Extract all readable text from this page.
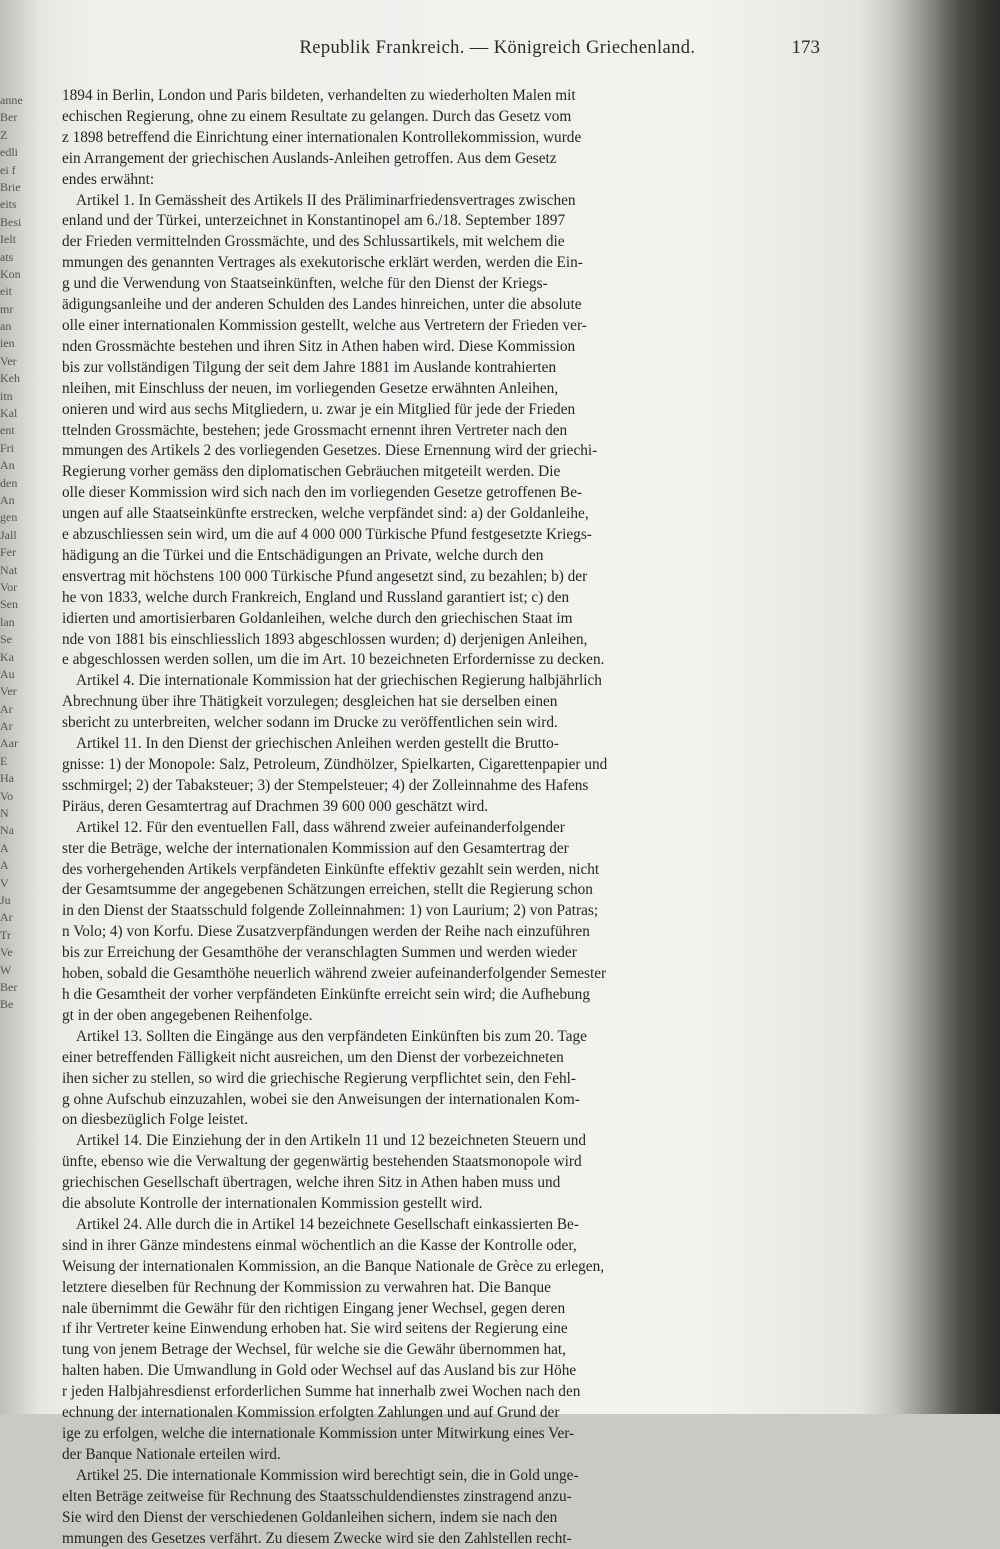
anne
Ber
Z
edli
ei f
Brie
eits
Besi
Ielt
ats
Kon
eit
mr
an
ien
Ver
Keh
itn
Kal
ent
Fri
An
den
An
gen
Jall
Fer
Nat
Vor
Sen
lan
Se
Ka
Au
Ver
Ar
Ar
Aar
E
Ha
Vo
N
Na
A
A
V
Ju
Ar
Tr
Ve
W
Ber
Be
Republik Frankreich. — Königreich Griechenland.	173
1894 in Berlin, London und Paris bildeten, verhandelten zu wiederholten Malen mit
echischen Regierung, ohne zu einem Resultate zu gelangen. Durch das Gesetz vom
z 1898 betreffend die Einrichtung einer internationalen Kontrollekommission, wurde
ein Arrangement der griechischen Auslands-Anleihen getroffen. Aus dem Gesetz
endes erwähnt:
Artikel 1. In Gemässheit des Artikels II des Präliminarfriedensvertrages zwischen
enland und der Türkei, unterzeichnet in Konstantinopel am 6./18. September 1897
der Frieden vermittelnden Grossmächte, und des Schlussartikels, mit welchem die
mmungen des genannten Vertrages als exekutorische erklärt werden, werden die Ein-
g und die Verwendung von Staatseinkünften, welche für den Dienst der Kriegs-
ädigungsanleihe und der anderen Schulden des Landes hinreichen, unter die absolute
olle einer internationalen Kommission gestellt, welche aus Vertretern der Frieden ver-
nden Grossmächte bestehen und ihren Sitz in Athen haben wird. Diese Kommission
bis zur vollständigen Tilgung der seit dem Jahre 1881 im Auslande kontrahierten
nleihen, mit Einschluss der neuen, im vorliegenden Gesetze erwähnten Anleihen,
onieren und wird aus sechs Mitgliedern, u. zwar je ein Mitglied für jede der Frieden
ttelnden Grossmächte, bestehen; jede Grossmacht ernennt ihren Vertreter nach den
mmungen des Artikels 2 des vorliegenden Gesetzes. Diese Ernennung wird der griechi-
Regierung vorher gemäss den diplomatischen Gebräuchen mitgeteilt werden. Die
olle dieser Kommission wird sich nach den im vorliegenden Gesetze getroffenen Be-
ungen auf alle Staatseinkünfte erstrecken, welche verpfändet sind: a) der Goldanleihe,
e abzuschliessen sein wird, um die auf 4 000 000 Türkische Pfund festgesetzte Kriegs-
hädigung an die Türkei und die Entschädigungen an Private, welche durch den
ensvertrag mit höchstens 100 000 Türkische Pfund angesetzt sind, zu bezahlen; b) der
he von 1833, welche durch Frankreich, England und Russland garantiert ist; c) den
idierten und amortisierbaren Goldanleihen, welche durch den griechischen Staat im
nde von 1881 bis einschliesslich 1893 abgeschlossen wurden; d) derjenigen Anleihen,
e abgeschlossen werden sollen, um die im Art. 10 bezeichneten Erfordernisse zu decken.
Artikel 4. Die internationale Kommission hat der griechischen Regierung halbjährlich
Abrechnung über ihre Thätigkeit vorzulegen; desgleichen hat sie derselben einen
sbericht zu unterbreiten, welcher sodann im Drucke zu veröffentlichen sein wird.
Artikel 11. In den Dienst der griechischen Anleihen werden gestellt die Brutto-
gnisse: 1) der Monopole: Salz, Petroleum, Zündhölzer, Spielkarten, Cigarettenpapier und
sschmirgel; 2) der Tabaksteuer; 3) der Stempelsteuer; 4) der Zolleinnahme des Hafens
Piräus, deren Gesamtertrag auf Drachmen 39 600 000 geschätzt wird.
Artikel 12. Für den eventuellen Fall, dass während zweier aufeinanderfolgender
ster die Beträge, welche der internationalen Kommission auf den Gesamtertrag der
des vorhergehenden Artikels verpfändeten Einkünfte effektiv gezahlt sein werden, nicht
der Gesamtsumme der angegebenen Schätzungen erreichen, stellt die Regierung schon
in den Dienst der Staatsschuld folgende Zolleinnahmen: 1) von Laurium; 2) von Patras;
n Volo; 4) von Korfu. Diese Zusatzverpfändungen werden der Reihe nach einzuführen
bis zur Erreichung der Gesamthöhe der veranschlagten Summen und werden wieder
hoben, sobald die Gesamthöhe neuerlich während zweier aufeinanderfolgender Semester
h die Gesamtheit der vorher verpfändeten Einkünfte erreicht sein wird; die Aufhebung
gt in der oben angegebenen Reihenfolge.
Artikel 13. Sollten die Eingänge aus den verpfändeten Einkünften bis zum 20. Tage
einer betreffenden Fälligkeit nicht ausreichen, um den Dienst der vorbezeichneten
ihen sicher zu stellen, so wird die griechische Regierung verpflichtet sein, den Fehl-
g ohne Aufschub einzuzahlen, wobei sie den Anweisungen der internationalen Kom-
on diesbezüglich Folge leistet.
Artikel 14. Die Einziehung der in den Artikeln 11 und 12 bezeichneten Steuern und
ünfte, ebenso wie die Verwaltung der gegenwärtig bestehenden Staatsmonopole wird
griechischen Gesellschaft übertragen, welche ihren Sitz in Athen haben muss und
die absolute Kontrolle der internationalen Kommission gestellt wird.
Artikel 24. Alle durch die in Artikel 14 bezeichnete Gesellschaft einkassierten Be-
sind in ihrer Gänze mindestens einmal wöchentlich an die Kasse der Kontrolle oder,
Weisung der internationalen Kommission, an die Banque Nationale de Grèce zu erlegen,
letztere dieselben für Rechnung der Kommission zu verwahren hat. Die Banque
nale übernimmt die Gewähr für den richtigen Eingang jener Wechsel, gegen deren
ıf ihr Vertreter keine Einwendung erhoben hat. Sie wird seitens der Regierung eine
tung von jenem Betrage der Wechsel, für welche sie die Gewähr übernommen hat,
halten haben. Die Umwandlung in Gold oder Wechsel auf das Ausland bis zur Höhe
r jeden Halbjahresdienst erforderlichen Summe hat innerhalb zwei Wochen nach den
echnung der internationalen Kommission erfolgten Zahlungen und auf Grund der
ige zu erfolgen, welche die internationale Kommission unter Mitwirkung eines Ver-
der Banque Nationale erteilen wird.
Artikel 25. Die internationale Kommission wird berechtigt sein, die in Gold unge-
elten Beträge zeitweise für Rechnung des Staatsschuldendienstes zinstragend anzu-
Sie wird den Dienst der verschiedenen Goldanleihen sichern, indem sie nach den
mmungen des Gesetzes verfährt. Zu diesem Zwecke wird sie den Zahlstellen recht-
